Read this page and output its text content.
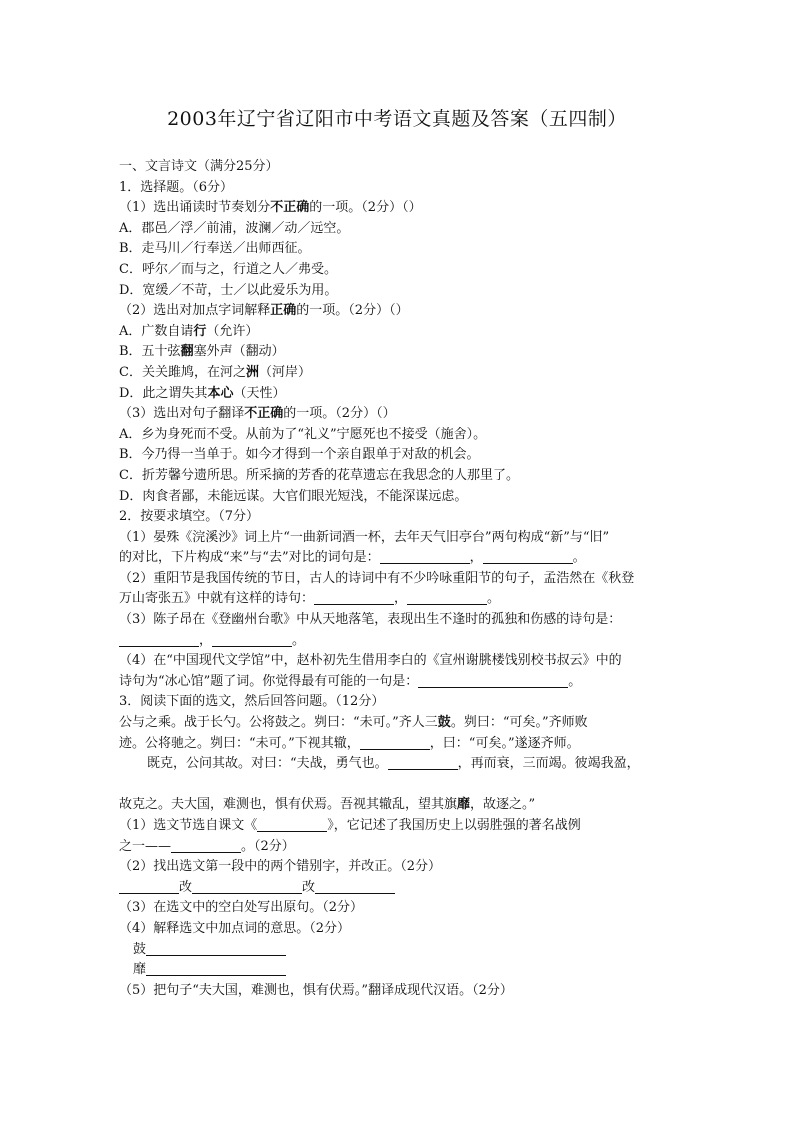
2003年辽宁省辽阳市中考语文真题及答案（五四制）
一、文言诗文（满分25分）
1．选择题。（6分）
（1）选出诵读时节奏划分不正确的一项。（2分）（）
A．郡邑／浮／前浦，波澜／动／远空。
B．走马川／行奉送／出师西征。
C．呼尔／而与之，行道之人／弗受。
D．宽缓／不苛，士／以此爱乐为用。
（2）选出对加点字词解释正确的一项。（2分）（）
A．广数自请行（允许）
B．五十弦翻塞外声（翻动）
C．关关雎鸠，在河之洲（河岸）
D．此之谓失其本心（天性）
（3）选出对句子翻译不正确的一项。（2分）（）
A．乡为身死而不受。从前为了“礼义”宁愿死也不接受（施舍）。
B．今乃得一当单于。如今才得到一个亲自跟单于对敌的机会。
C．折芳馨兮遗所思。所采摘的芳香的花草遗忘在我思念的人那里了。
D．肉食者鄙，未能远谋。大官们眼光短浅，不能深谋远虑。
2．按要求填空。（7分）
（1）晏殊《浣溪沙》词上片“一曲新词酒一杯，去年天气旧亭台”两句构成“新”与“旧”
的对比，下片构成“来”与“去”对比的词句是：	，	。
（2）重阳节是我国传统的节日，古人的诗词中有不少吟咏重阳节的句子，孟浩然在《秋登
万山寄张五》中就有这样的诗句：	，	。
（3）陈子昂在《登幽州台歌》中从天地落笔，表现出生不逢时的孤独和伤感的诗句是：
，	。
（4）在“中国现代文学馆”中，赵朴初先生借用李白的《宣州谢朓楼饯别校书叔云》中的
诗句为“冰心馆”题了词。你觉得最有可能的一句是：	。
3．阅读下面的选文，然后回答问题。（12分）
公与之乘。战于长勺。公将鼓之。刿曰：“未可。”齐人三鼓。刿曰：“可矣。”齐师败
迹。公将驰之。刿曰：“未可。”下视其辙，	，曰：“可矣。”遂逐齐师。
既克，公问其故。对曰：“夫战，勇气也。	，再而衰，三而竭。彼竭我盈，
故克之。夫大国，难测也，惧有伏焉。吾视其辙乱，望其旗靡，故逐之。”
（1）选文节选自课文《	》，它记述了我国历史上以弱胜强的著名战例
之一——	。（2分）
（2）找出选文第一段中的两个错别字，并改正。（2分）
改	改
（3）在选文中的空白处写出原句。（2分）
（4）解释选文中加点词的意思。（2分）
鼓
靡
（5）把句子“夫大国，难测也，惧有伏焉。”翻译成现代汉语。（2分）
